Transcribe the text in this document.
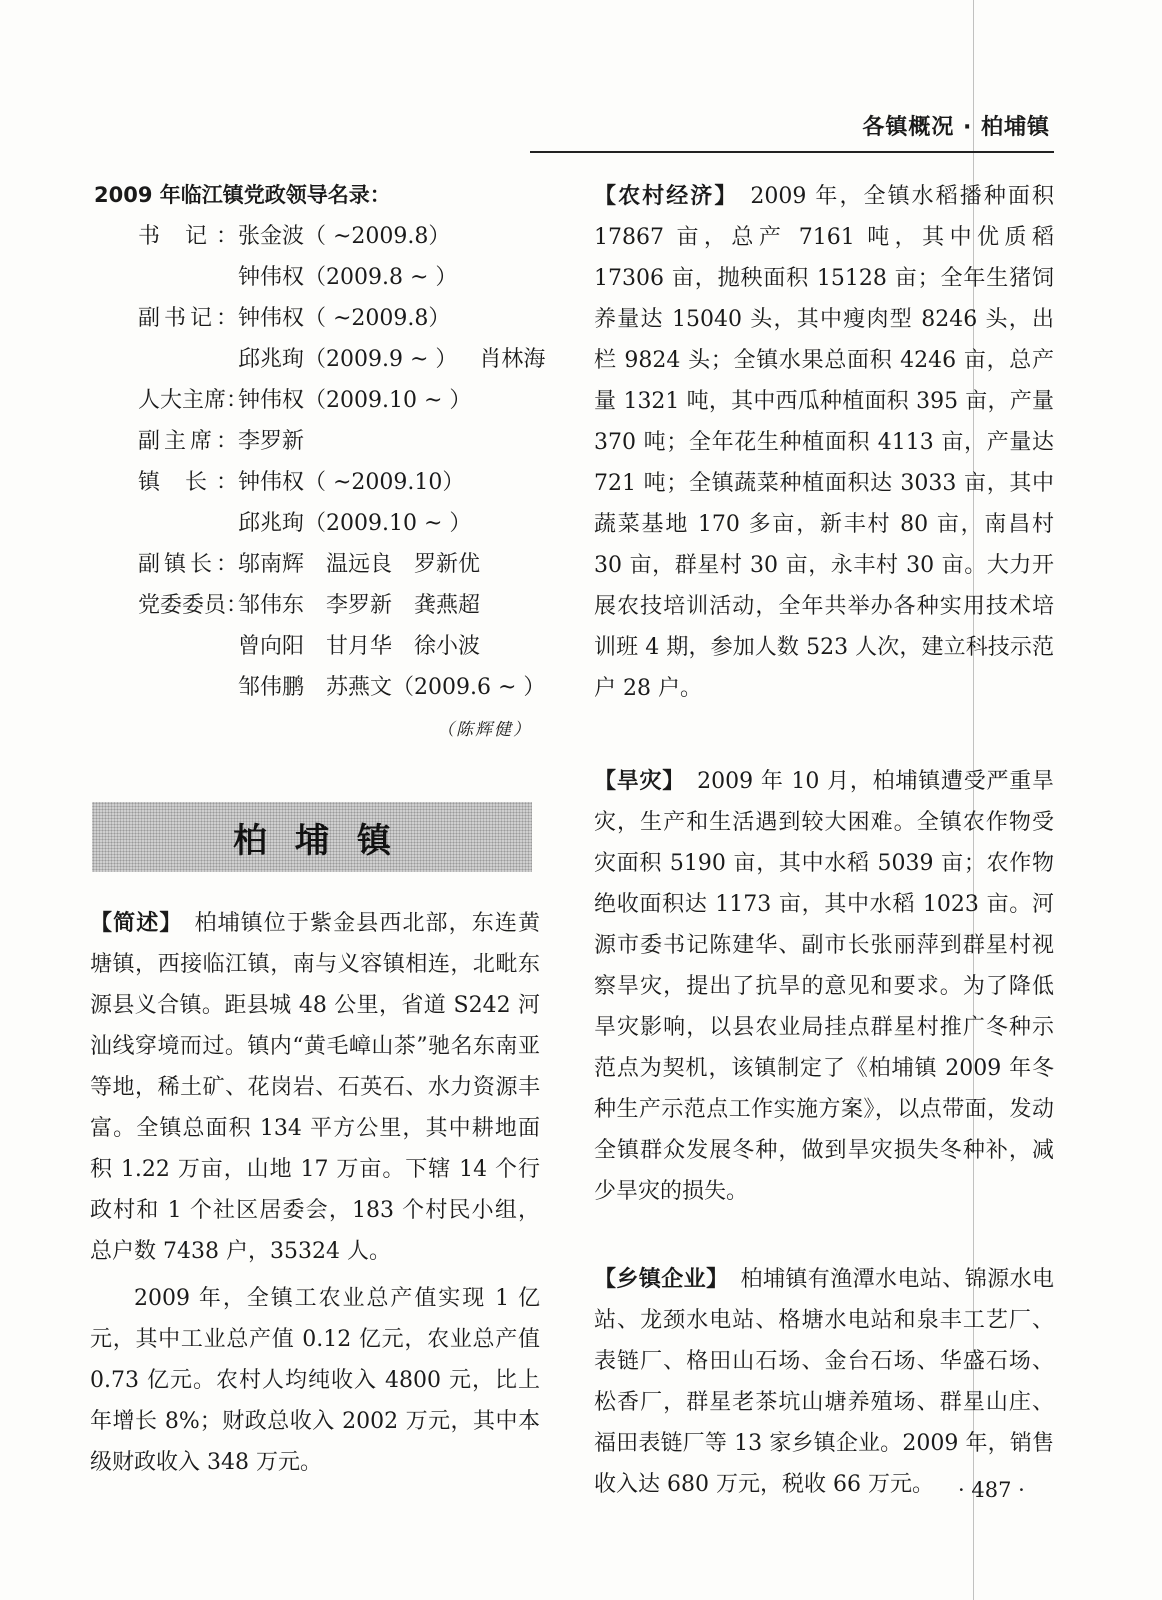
各镇概况 · 柏埔镇
2009 年临江镇党政领导名录：
书 记： 张金波（ ~2009.8）
钟伟权（2009.8 ~ ）
副书记： 钟伟权（ ~2009.8）
邱兆珣（2009.9 ~ ） 肖林海
人大主席：
钟伟权（2009.10 ~ ）
副主席： 李罗新
镇 长： 钟伟权（ ~2009.10）
邱兆珣（2009.10 ~ ）
副镇长： 邬南辉 温远良 罗新优
党委委员：
邹伟东 李罗新 龚燕超
曾向阳 甘月华 徐小波
邹伟鹏 苏燕文（2009.6 ~ ）
（陈辉健）
柏埔镇

【简述】 柏埔镇位于紫金县西北部，东连黄塘镇，西接临江镇，南与义容镇相连，北毗东源县义合镇。距县城 48 公里，省道 S242 河汕线穿境而过。镇内“黄毛嶂山茶”驰名东南亚等地，稀土矿、花岗岩、石英石、水力资源丰富。全镇总面积 134 平方公里，其中耕地面积 1.22 万亩，山地 17 万亩。下辖 14 个行政村和 1 个社区居委会，183 个村民小组，总户数 7438 户，35324 人。

2009 年，全镇工农业总产值实现 1 亿元，其中工业总产值 0.12 亿元，农业总产值 0.73 亿元。农村人均纯收入 4800 元，比上年增长 8%；财政总收入 2002 万元，其中本级财政收入 348 万元。

【农村经济】 2009 年，全镇水稻播种面积 17867 亩，总产 7161 吨，其中优质稻 17306 亩，抛秧面积 15128 亩；全年生猪饲养量达 15040 头，其中瘦肉型 8246 头，出栏 9824 头；全镇水果总面积 4246 亩，总产量 1321 吨，其中西瓜种植面积 395 亩，产量 370 吨；全年花生种植面积 4113 亩，产量达 721 吨；全镇蔬菜种植面积达 3033 亩，其中蔬菜基地 170 多亩，新丰村 80 亩，南昌村 30 亩，群星村 30 亩，永丰村 30 亩。大力开展农技培训活动，全年共举办各种实用技术培训班 4 期，参加人数 523 人次，建立科技示范户 28 户。

【旱灾】 2009 年 10 月，柏埔镇遭受严重旱灾，生产和生活遇到较大困难。全镇农作物受灾面积 5190 亩，其中水稻 5039 亩；农作物绝收面积达 1173 亩，其中水稻 1023 亩。河源市委书记陈建华、副市长张丽萍到群星村视察旱灾，提出了抗旱的意见和要求。为了降低旱灾影响，以县农业局挂点群星村推广冬种示范点为契机，该镇制定了《柏埔镇 2009 年冬种生产示范点工作实施方案》，以点带面，发动全镇群众发展冬种，做到旱灾损失冬种补，减少旱灾的损失。

【乡镇企业】 柏埔镇有渔潭水电站、锦源水电站、龙颈水电站、格塘水电站和泉丰工艺厂、表链厂、格田山石场、金台石场、华盛石场、松香厂，群星老茶坑山塘养殖场、群星山庄、福田表链厂等 13 家乡镇企业。2009 年，销售收入达 680 万元，税收 66 万元。	· 487 ·
